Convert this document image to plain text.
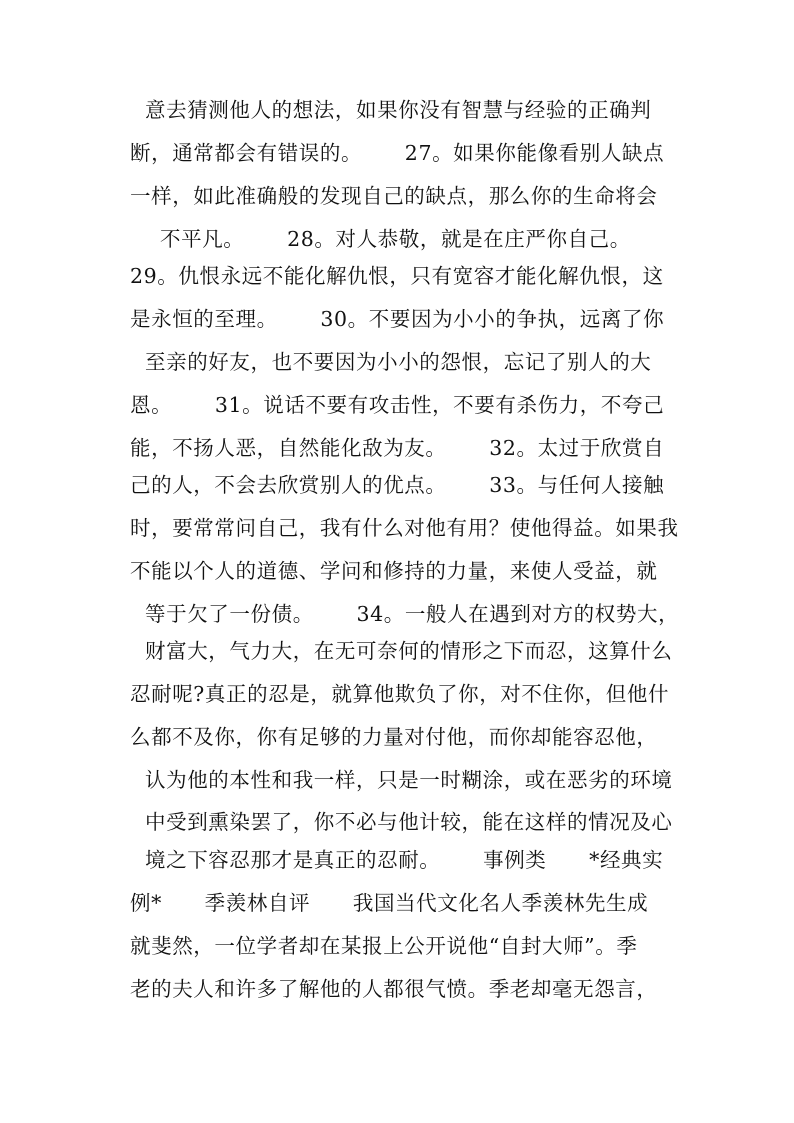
意去猜测他人的想法，如果你没有智慧与经验的正确判
断，通常都会有错误的。      27。如果你能像看别人缺点
一样，如此准确般的发现自己的缺点，那么你的生命将会
不平凡。      28。对人恭敬，就是在庄严你自己。
29。仇恨永远不能化解仇恨，只有宽容才能化解仇恨，这
是永恒的至理。      30。不要因为小小的争执，远离了你
至亲的好友，也不要因为小小的怨恨，忘记了别人的大
恩。      31。说话不要有攻击性，不要有杀伤力，不夸己
能，不扬人恶，自然能化敌为友。      32。太过于欣赏自
己的人，不会去欣赏别人的优点。      33。与任何人接触
时，要常常问自己，我有什么对他有用？使他得益。如果我
不能以个人的道德、学问和修持的力量，来使人受益，就
等于欠了一份债。      34。一般人在遇到对方的权势大，
财富大，气力大，在无可奈何的情形之下而忍，这算什么
忍耐呢?真正的忍是，就算他欺负了你，对不住你，但他什
么都不及你，你有足够的力量对付他，而你却能容忍他，
认为他的本性和我一样，只是一时糊涂，或在恶劣的环境
中受到熏染罢了，你不必与他计较，能在这样的情况及心
境之下容忍那才是真正的忍耐。      事例类      *经典实
例*      季羡林自评      我国当代文化名人季羡林先生成
就斐然，一位学者却在某报上公开说他“自封大师”。季
老的夫人和许多了解他的人都很气愤。季老却毫无怨言，
